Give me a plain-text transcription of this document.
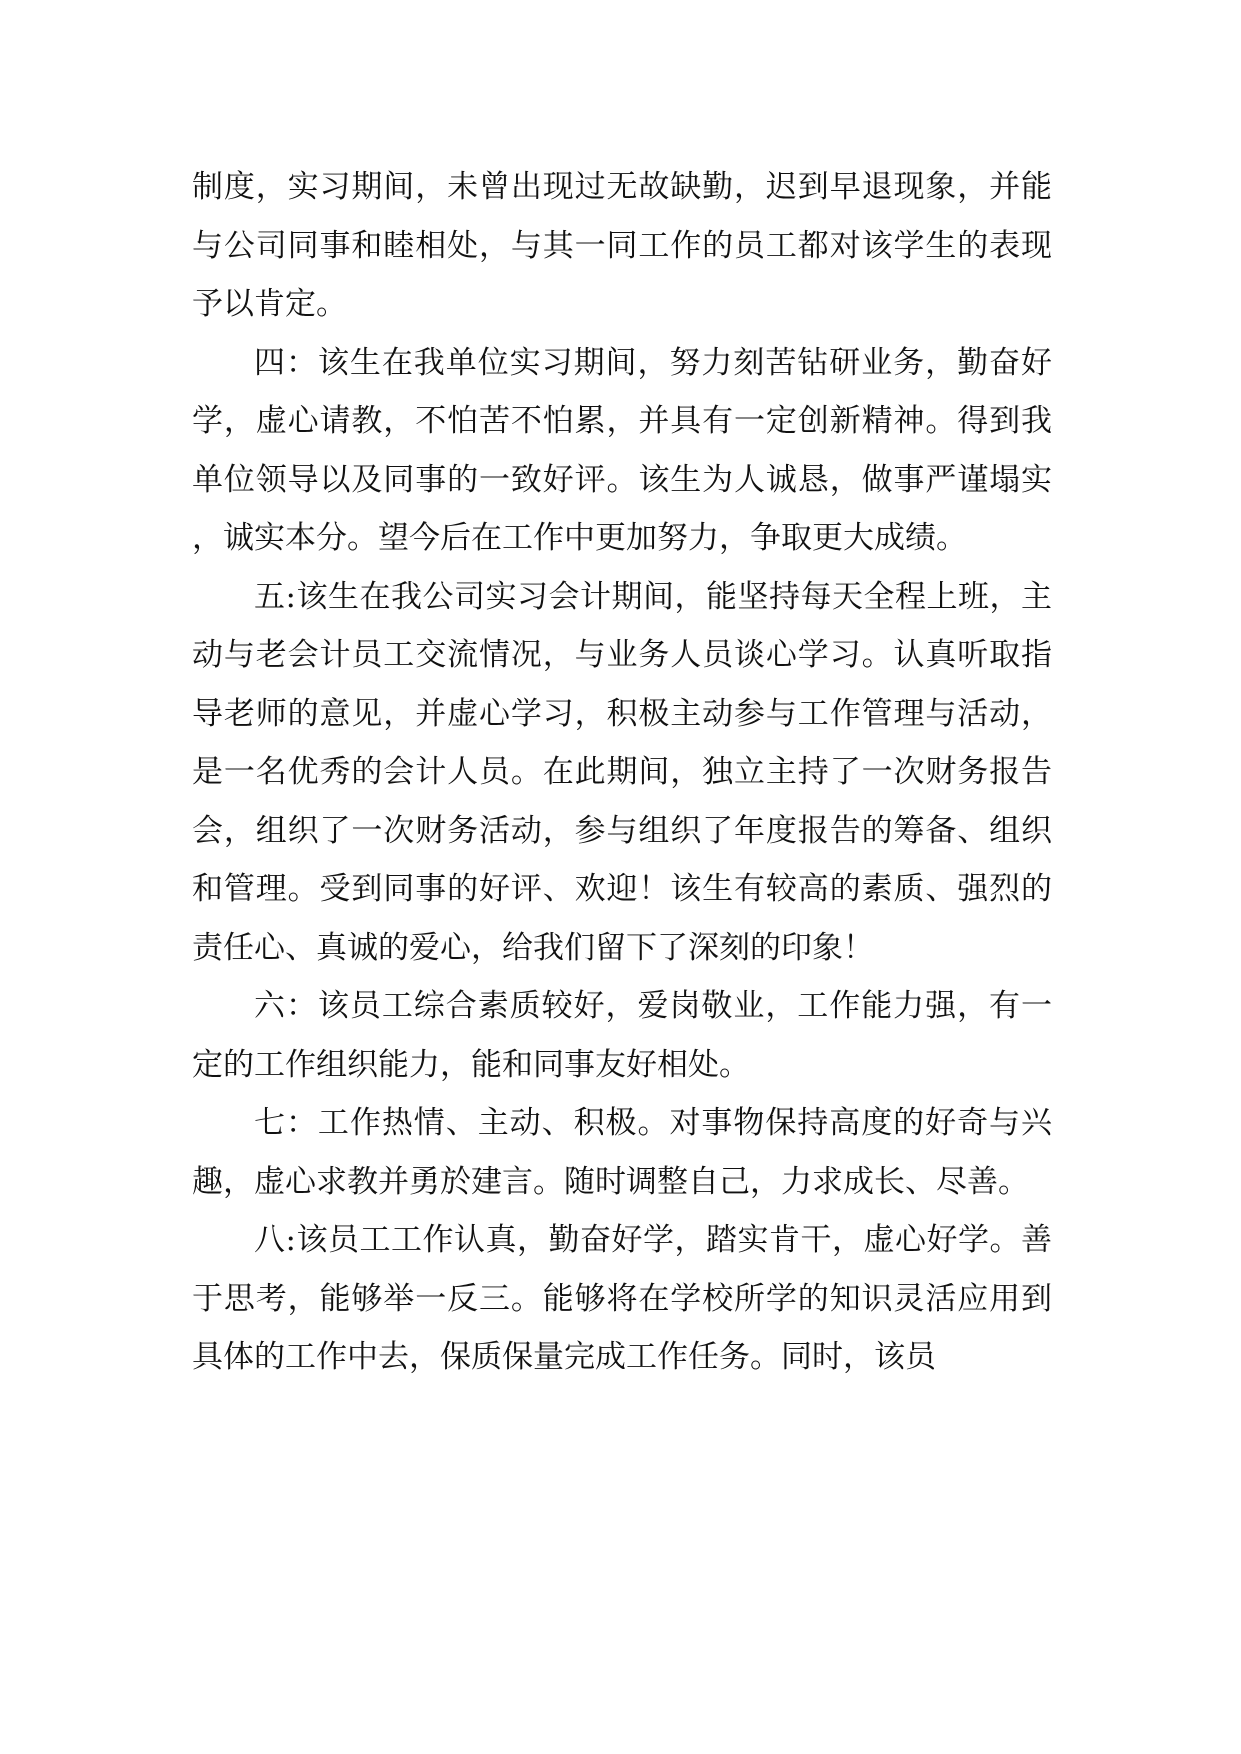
制度，实习期间，未曾出现过无故缺勤，迟到早退现象，并能与公司同事和睦相处，与其一同工作的员工都对该学生的表现予以肯定。

四：该生在我单位实习期间，努力刻苦钻研业务，勤奋好学，虚心请教，不怕苦不怕累，并具有一定创新精神。得到我单位领导以及同事的一致好评。该生为人诚恳，做事严谨塌实，诚实本分。望今后在工作中更加努力，争取更大成绩。

五:该生在我公司实习会计期间，能坚持每天全程上班，主动与老会计员工交流情况，与业务人员谈心学习。认真听取指导老师的意见，并虚心学习，积极主动参与工作管理与活动，是一名优秀的会计人员。在此期间，独立主持了一次财务报告会，组织了一次财务活动，参与组织了年度报告的筹备、组织和管理。受到同事的好评、欢迎！该生有较高的素质、强烈的责任心、真诚的爱心，给我们留下了深刻的印象！

六：该员工综合素质较好，爱岗敬业，工作能力强，有一定的工作组织能力，能和同事友好相处。

七：工作热情、主动、积极。对事物保持高度的好奇与兴趣，虚心求教并勇於建言。随时调整自己，力求成长、尽善。

八:该员工工作认真，勤奋好学，踏实肯干，虚心好学。善于思考，能够举一反三。能够将在学校所学的知识灵活应用到具体的工作中去，保质保量完成工作任务。同时，该员
